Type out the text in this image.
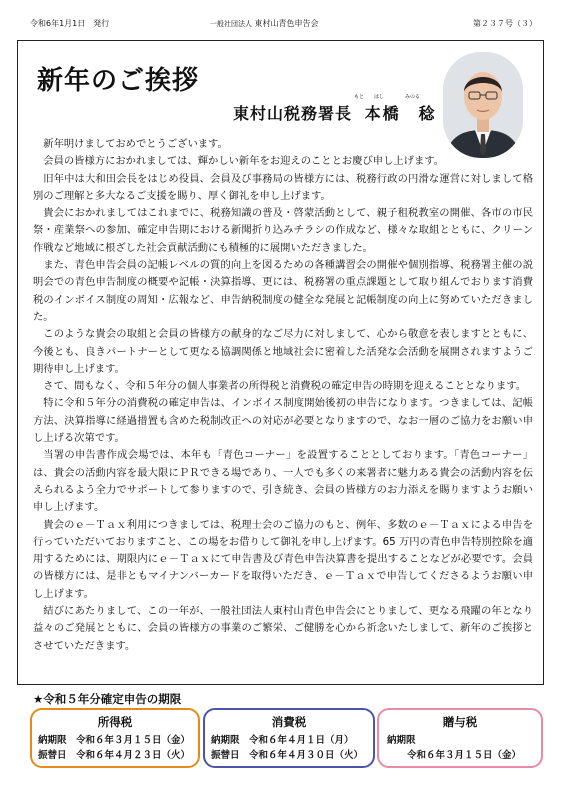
令和6年1月1日　発行	一般社団法人 東村山青色申告会	第２３７号（３）
新年のご挨拶
もと はし	みのる
東村山税務署長 本橋　稔

新年明けましておめでとうございます。

会員の皆様方におかれましては、輝かしい新年をお迎えのこととお慶び申し上げます。

旧年中は大和田会長をはじめ役員、会員及び事務局の皆様方には、税務行政の円滑な運営に対しまして格別のご理解と多大なるご支援を賜り、厚く御礼を申し上げます。

貴会におかれましてはこれまでに、税務知識の普及・啓蒙活動として、親子租税教室の開催、各市の市民祭・産業祭への参加、確定申告期における新聞折り込みチラシの作成など、様々な取組とともに、クリーン作戦など地域に根ざした社会貢献活動にも積極的に展開いただきました。

また、青色申告会員の記帳レベルの質的向上を図るための各種講習会の開催や個別指導、税務署主催の説明会での青色申告制度の概要や記帳・決算指導、更には、税務署の重点課題として取り組んでおります消費税のインボイス制度の周知・広報など、申告納税制度の健全な発展と記帳制度の向上に努めていただきました。

このような貴会の取組と会員の皆様方の献身的なご尽力に対しまして、心から敬意を表しますとともに、今後とも、良きパートナーとして更なる協調関係と地域社会に密着した活発な会活動を展開されますようご期待申し上げます。

さて、間もなく、令和５年分の個人事業者の所得税と消費税の確定申告の時期を迎えることとなります。

特に令和５年分の消費税の確定申告は、インボイス制度開始後初の申告になります。つきましては、記帳方法、決算指導に経過措置も含めた税制改正への対応が必要となりますので、なお一層のご協力をお願い申し上げる次第です。

当署の申告書作成会場では、本年も「青色コーナー」を設置することとしております。「青色コーナー」は、貴会の活動内容を最大限にＰＲできる場であり、一人でも多くの来署者に魅力ある貴会の活動内容を伝えられるよう全力でサポートして参りますので、引き続き、会員の皆様方のお力添えを賜りますようお願い申し上げます。

貴会のｅ－Ｔａｘ利用につきましては、税理士会のご協力のもと、例年、多数のｅ－Ｔａｘによる申告を行っていただいておりますこと、この場をお借りして御礼を申し上げます。65 万円の青色申告特別控除を適用するためには、期限内にｅ－Ｔａｘにて申告書及び青色申告決算書を提出することなどが必要です。会員の皆様方には、是非ともマイナンバーカードを取得いただき、ｅ－Ｔａｘで申告してくださるようお願い申し上げます。

結びにあたりまして、この一年が、一般社団法人東村山青色申告会にとりまして、更なる飛躍の年となり益々のご発展とともに、会員の皆様方の事業のご繁栄、ご健勝を心から祈念いたしまして、新年のご挨拶とさせていただきます。

★令和５年分確定申告の期限
所得税
納期限　令和６年３月１５日（金）
振替日　令和６年４月２３日（火）
消費税
納期限　令和６年４月１日（月）
振替日　令和６年４月３０日（火）
贈与税
納期限
令和６年３月１５日（金）
